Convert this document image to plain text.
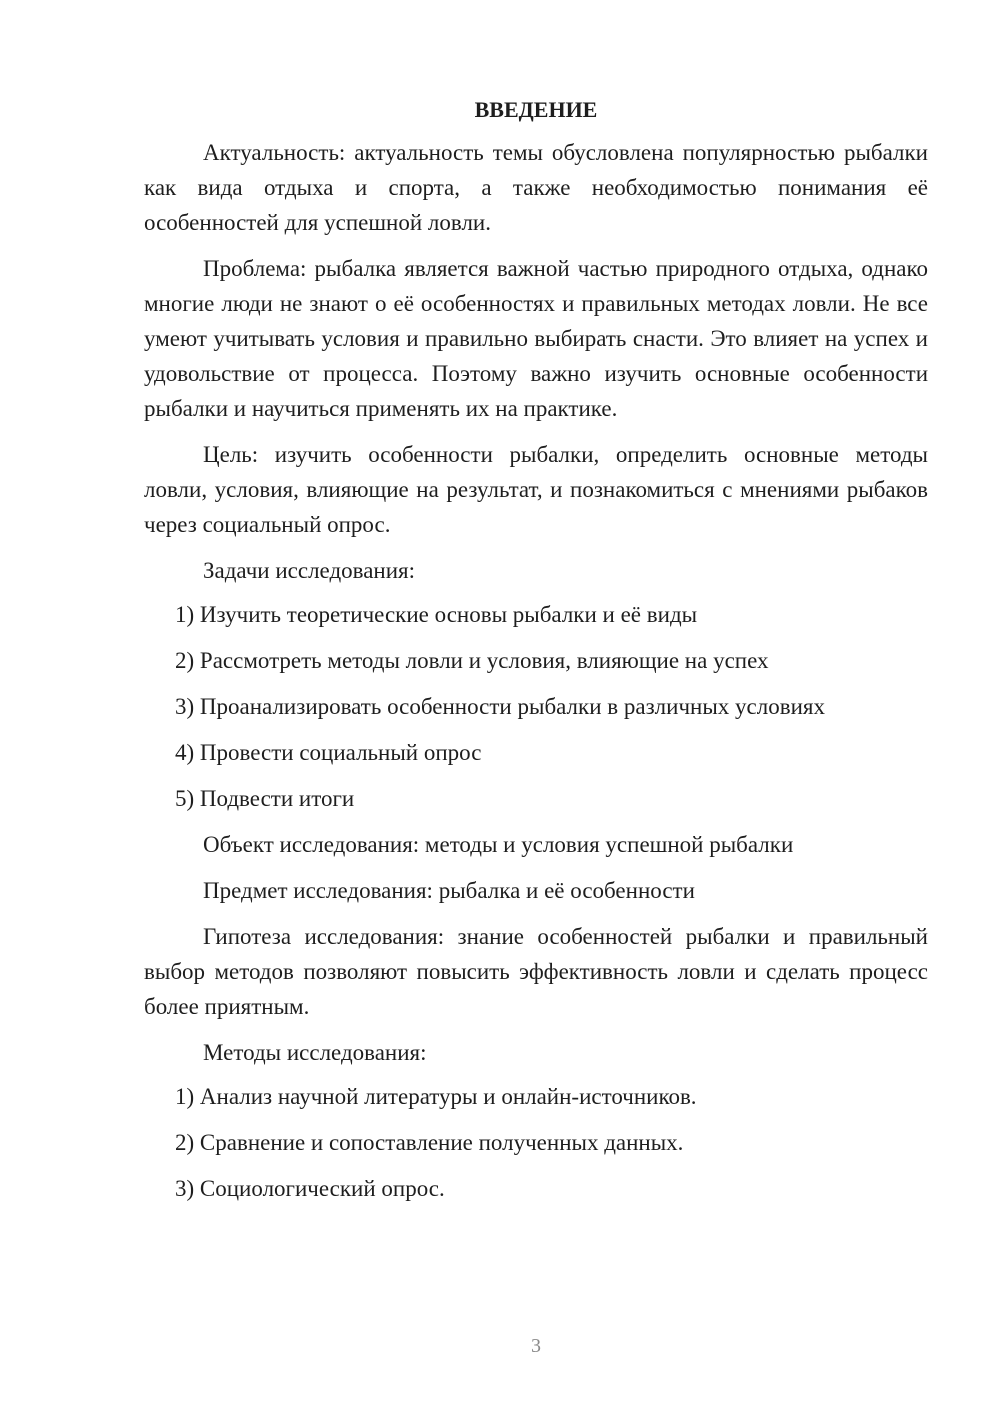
ВВЕДЕНИЕ

Актуальность: актуальность темы обусловлена популярностью рыбалки как вида отдыха и спорта, а также необходимостью понимания её особенностей для успешной ловли.

Проблема: рыбалка является важной частью природного отдыха, однако многие люди не знают о её особенностях и правильных методах ловли. Не все умеют учитывать условия и правильно выбирать снасти. Это влияет на успех и удовольствие от процесса. Поэтому важно изучить основные особенности рыбалки и научиться применять их на практике.

Цель: изучить особенности рыбалки, определить основные методы ловли, условия, влияющие на результат, и познакомиться с мнениями рыбаков через социальный опрос.

Задачи исследования:

1) Изучить теоретические основы рыбалки и её виды
2) Рассмотреть методы ловли и условия, влияющие на успех
3) Проанализировать особенности рыбалки в различных условиях
4) Провести социальный опрос
5) Подвести итоги

Объект исследования: методы и условия успешной рыбалки

Предмет исследования: рыбалка и её особенности

Гипотеза исследования: знание особенностей рыбалки и правильный выбор методов позволяют повысить эффективность ловли и сделать процесс более приятным.

Методы исследования:

1) Анализ научной литературы и онлайн-источников.
2) Сравнение и сопоставление полученных данных.
3) Социологический опрос.
3
